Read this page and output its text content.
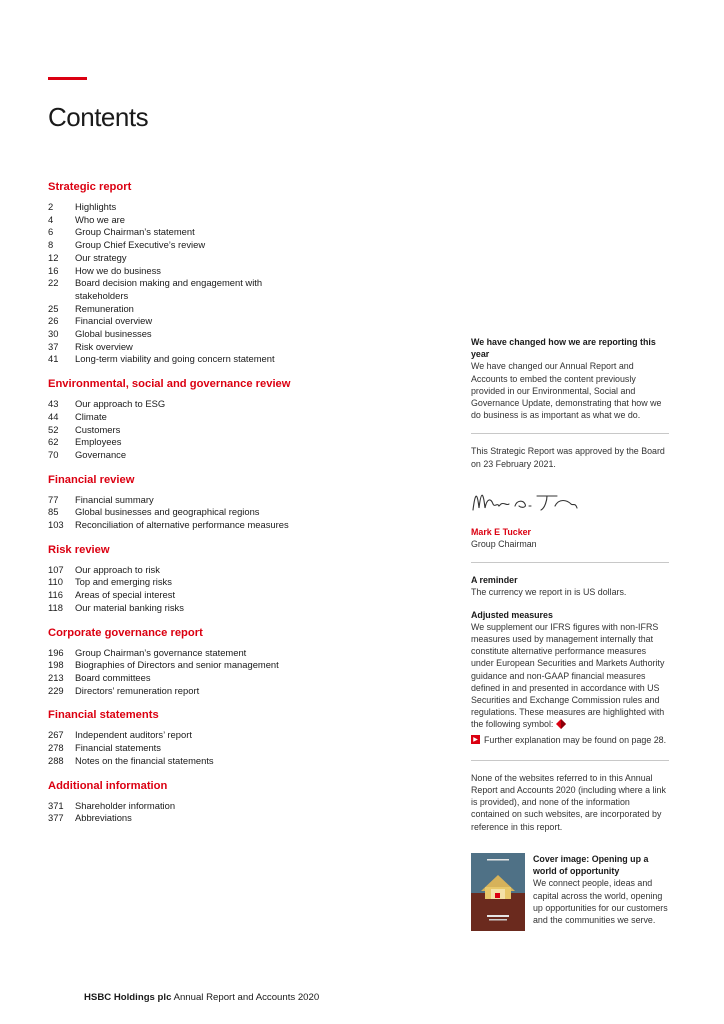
Contents
Strategic report
2	Highlights
4	Who we are
6	Group Chairman’s statement
8	Group Chief Executive’s review
12	Our strategy
16	How we do business
22	Board decision making and engagement with stakeholders
25	Remuneration
26	Financial overview
30	Global businesses
37	Risk overview
41	Long-term viability and going concern statement
Environmental, social and governance review
43	Our approach to ESG
44	Climate
52	Customers
62	Employees
70	Governance
Financial review
77	Financial summary
85	Global businesses and geographical regions
103	Reconciliation of alternative performance measures
Risk review
107	Our approach to risk
110	Top and emerging risks
116	Areas of special interest
118	Our material banking risks
Corporate governance report
196	Group Chairman’s governance statement
198	Biographies of Directors and senior management
213	Board committees
229	Directors’ remuneration report
Financial statements
267	Independent auditors’ report
278	Financial statements
288	Notes on the financial statements
Additional information
371	Shareholder information
377	Abbreviations
We have changed how we are reporting this year
We have changed our Annual Report and Accounts to embed the content previously provided in our Environmental, Social and Governance Update, demonstrating that how we do business is as important as what we do.
This Strategic Report was approved by the Board on 23 February 2021.
Mark E Tucker
Group Chairman
A reminder
The currency we report in is US dollars.
Adjusted measures
We supplement our IFRS figures with non-IFRS measures used by management internally that constitute alternative performance measures under European Securities and Markets Authority guidance and non-GAAP financial measures defined in and presented in accordance with US Securities and Exchange Commission rules and regulations. These measures are highlighted with the following symbol:
▶ Further explanation may be found on page 28.
None of the websites referred to in this Annual Report and Accounts 2020 (including where a link is provided), and none of the information contained on such websites, are incorporated by reference in this report.
Cover image: Opening up a world of opportunity
We connect people, ideas and capital across the world, opening up opportunities for our customers and the communities we serve.
HSBC Holdings plc Annual Report and Accounts 2020
